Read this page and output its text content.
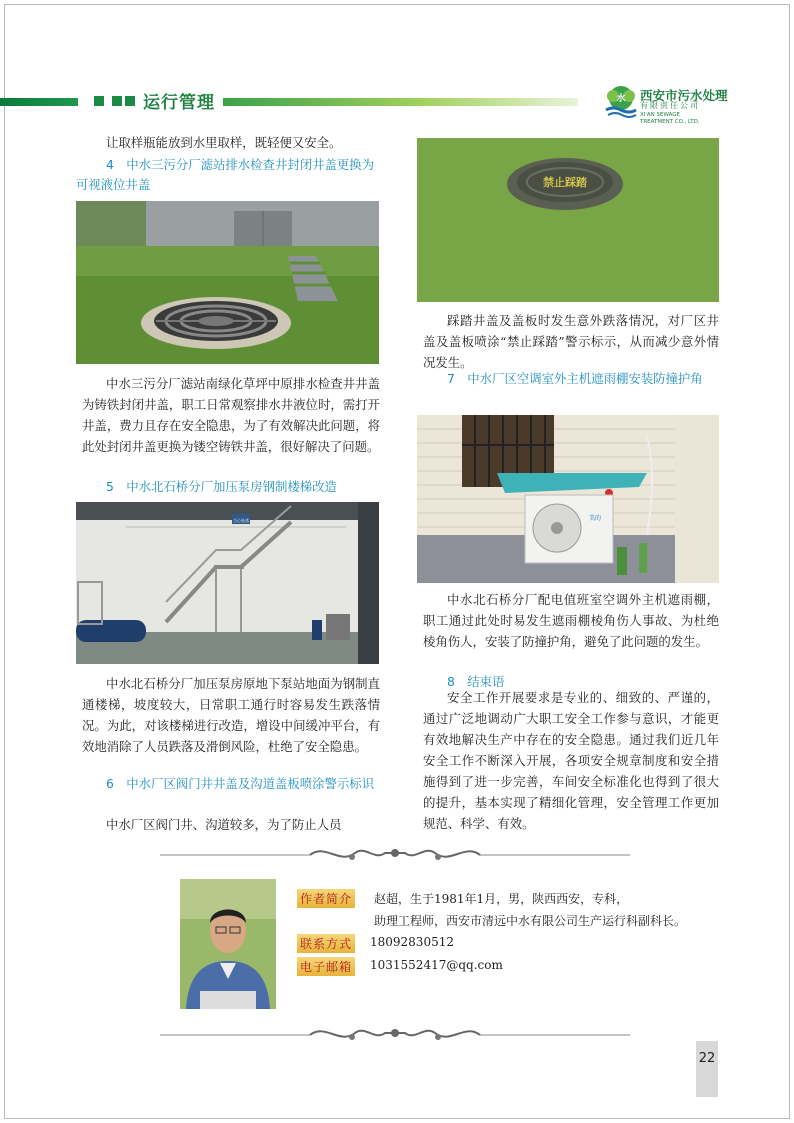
运行管理	水 西安市污水处理
有限责任公司
XI'AN SEWAGE
TREATMENT CO., LTD.
让取样瓶能放到水里取样，既轻便又安全。
4　中水三污分厂滤站排水检查井封闭井盖更换为可视液位井盖
中水三污分厂滤站南绿化草坪中原排水检查井井盖为铸铁封闭井盖，职工日常观察排水井液位时，需打开井盖，费力且存在安全隐患，为了有效解决此问题，将此处封闭井盖更换为镂空铸铁井盖，很好解决了问题。
5　中水北石桥分厂加压泵房钢制楼梯改造
当心坠落
中水北石桥分厂加压泵房原地下泵站地面为钢制直通楼梯，坡度较大，日常职工通行时容易发生跌落情况。为此，对该楼梯进行改造，增设中间缓冲平台，有效地消除了人员跌落及滑倒风险，杜绝了安全隐患。
6　中水厂区阀门井井盖及沟道盖板喷涂警示标识
中水厂区阀门井、沟道较多，为了防止人员
禁止踩踏
踩踏井盖及盖板时发生意外跌落情况，对厂区井盖及盖板喷涂“禁止踩踏”警示标示，从而减少意外情况发生。
7　中水厂区空调室外主机遮雨棚安装防撞护角
美的
中水北石桥分厂配电值班室空调外主机遮雨棚，职工通过此处时易发生遮雨棚棱角伤人事故、为杜绝棱角伤人，安装了防撞护角，避免了此问题的发生。
8　结束语
安全工作开展要求是专业的、细致的、严谨的，通过广泛地调动广大职工安全工作参与意识，才能更有效地解决生产中存在的安全隐患。通过我们近几年安全工作不断深入开展，各项安全规章制度和安全措施得到了进一步完善，车间安全标准化也得到了很大的提升，基本实现了精细化管理，安全管理工作更加规范、科学、有效。
作者简介 赵超，生于1981年1月，男，陕西西安，专科，
助理工程师，西安市清远中水有限公司生产运行科副科长。
联系方式 18092830512
电子邮箱 1031552417@qq.com
22
